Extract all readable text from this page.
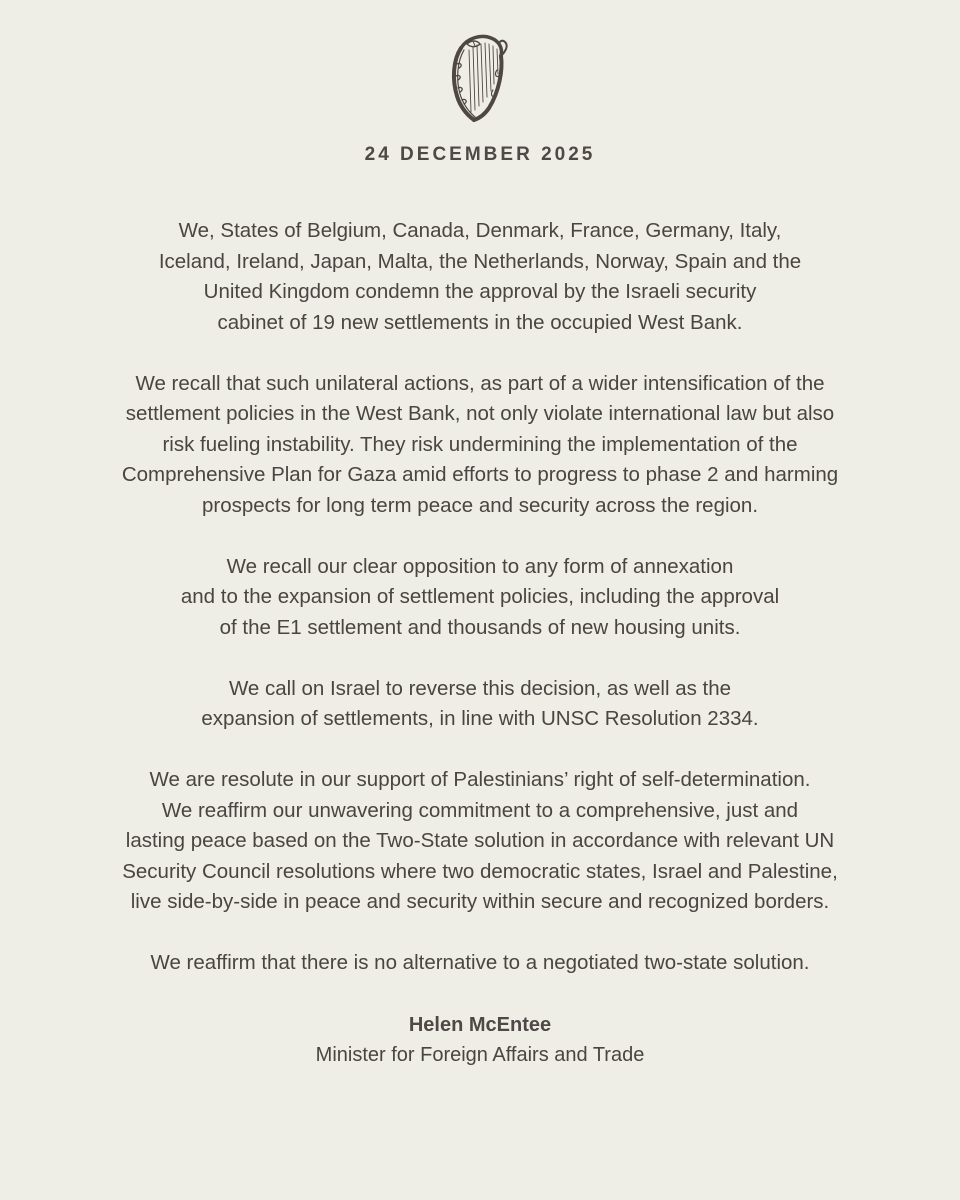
24 DECEMBER 2025

We, States of Belgium, Canada, Denmark, France, Germany, Italy,
Iceland, Ireland, Japan, Malta, the Netherlands, Norway, Spain and the
United Kingdom condemn the approval by the Israeli security
cabinet of 19 new settlements in the occupied West Bank.

We recall that such unilateral actions, as part of a wider intensification of the
settlement policies in the West Bank, not only violate international law but also
risk fueling instability. They risk undermining the implementation of the
Comprehensive Plan for Gaza amid efforts to progress to phase 2 and harming
prospects for long term peace and security across the region.

We recall our clear opposition to any form of annexation
and to the expansion of settlement policies, including the approval
of the E1 settlement and thousands of new housing units.

We call on Israel to reverse this decision, as well as the
expansion of settlements, in line with UNSC Resolution 2334.

We are resolute in our support of Palestinians’ right of self-determination.
We reaffirm our unwavering commitment to a comprehensive, just and
lasting peace based on the Two-State solution in accordance with relevant UN
Security Council resolutions where two democratic states, Israel and Palestine,
live side-by-side in peace and security within secure and recognized borders.

We reaffirm that there is no alternative to a negotiated two-state solution.

Helen McEntee
Minister for Foreign Affairs and Trade
